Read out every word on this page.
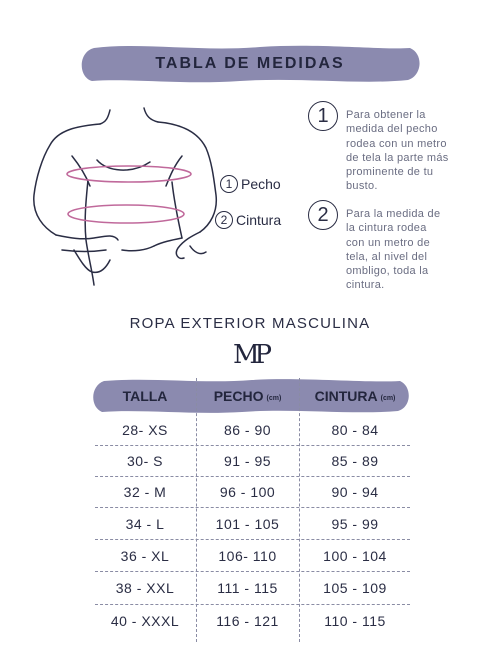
TABLA DE MEDIDAS
1 Pecho
2 Cintura
1	Para obtener la
medida del pecho
rodea con un metro
de tela la parte más
prominente de tu
busto.
2	Para la medida de
la cintura rodea
con un metro de
tela, al nivel del
ombligo, toda la
cintura.
ROPA EXTERIOR MASCULINA
MP
TALLA	PECHO (cm) CINTURA (cm)
28- XS	86 - 90	80 - 84
30- S	91 - 95	85 - 89
32 - M	96 - 100	90 - 94
34 - L	101 - 105	95 - 99
36 - XL	106- 110	100 - 104
38 - XXL	111 - 115	105 - 109
40 - XXXL	116 - 121	110 - 115
